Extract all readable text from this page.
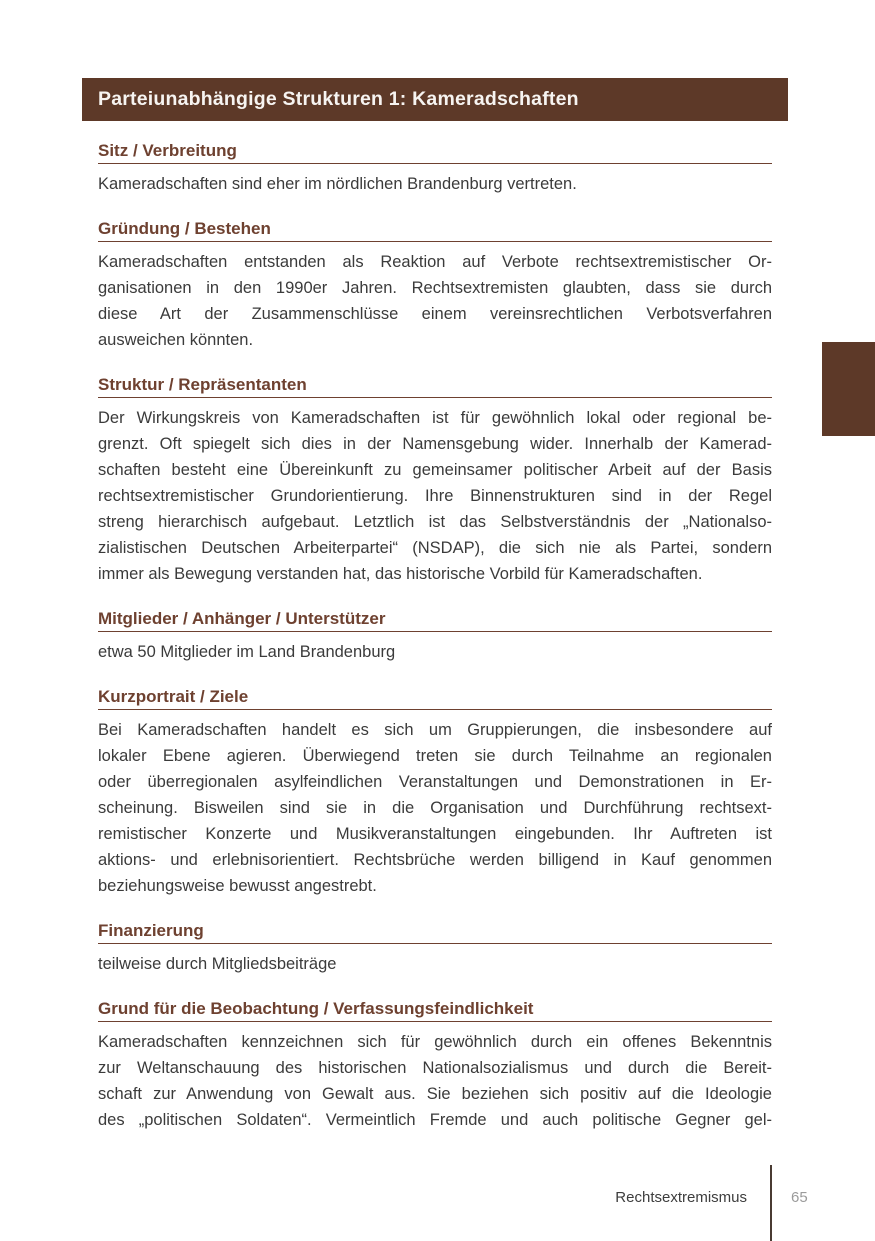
Parteiunabhängige Strukturen 1: Kameradschaften
Sitz / Verbreitung
Kameradschaften sind eher im nördlichen Brandenburg vertreten.
Gründung / Bestehen
Kameradschaften entstanden als Reaktion auf Verbote rechtsextremistischer Or-
ganisationen in den 1990er Jahren. Rechtsextremisten glaubten, dass sie durch
diese Art der Zusammenschlüsse einem vereinsrechtlichen Verbotsverfahren
ausweichen könnten.
Struktur / Repräsentanten
Der Wirkungskreis von Kameradschaften ist für gewöhnlich lokal oder regional be-
grenzt. Oft spiegelt sich dies in der Namensgebung wider. Innerhalb der Kamerad-
schaften besteht eine Übereinkunft zu gemeinsamer politischer Arbeit auf der Basis
rechtsextremistischer Grundorientierung. Ihre Binnenstrukturen sind in der Regel
streng hierarchisch aufgebaut. Letztlich ist das Selbstverständnis der „Nationalso-
zialistischen Deutschen Arbeiterpartei“ (NSDAP), die sich nie als Partei, sondern
immer als Bewegung verstanden hat, das historische Vorbild für Kameradschaften.
Mitglieder / Anhänger / Unterstützer
etwa 50 Mitglieder im Land Brandenburg
Kurzportrait / Ziele
Bei Kameradschaften handelt es sich um Gruppierungen, die insbesondere auf
lokaler Ebene agieren. Überwiegend treten sie durch Teilnahme an regionalen
oder überregionalen asylfeindlichen Veranstaltungen und Demonstrationen in Er-
scheinung. Bisweilen sind sie in die Organisation und Durchführung rechtsext-
remistischer Konzerte und Musikveranstaltungen eingebunden. Ihr Auftreten ist
aktions- und erlebnisorientiert. Rechtsbrüche werden billigend in Kauf genommen
beziehungsweise bewusst angestrebt.
Finanzierung
teilweise durch Mitgliedsbeiträge
Grund für die Beobachtung / Verfassungsfeindlichkeit
Kameradschaften kennzeichnen sich für gewöhnlich durch ein offenes Bekenntnis
zur Weltanschauung des historischen Nationalsozialismus und durch die Bereit-
schaft zur Anwendung von Gewalt aus. Sie beziehen sich positiv auf die Ideologie
des „politischen Soldaten“. Vermeintlich Fremde und auch politische Gegner gel-
Rechtsextremismus	65
